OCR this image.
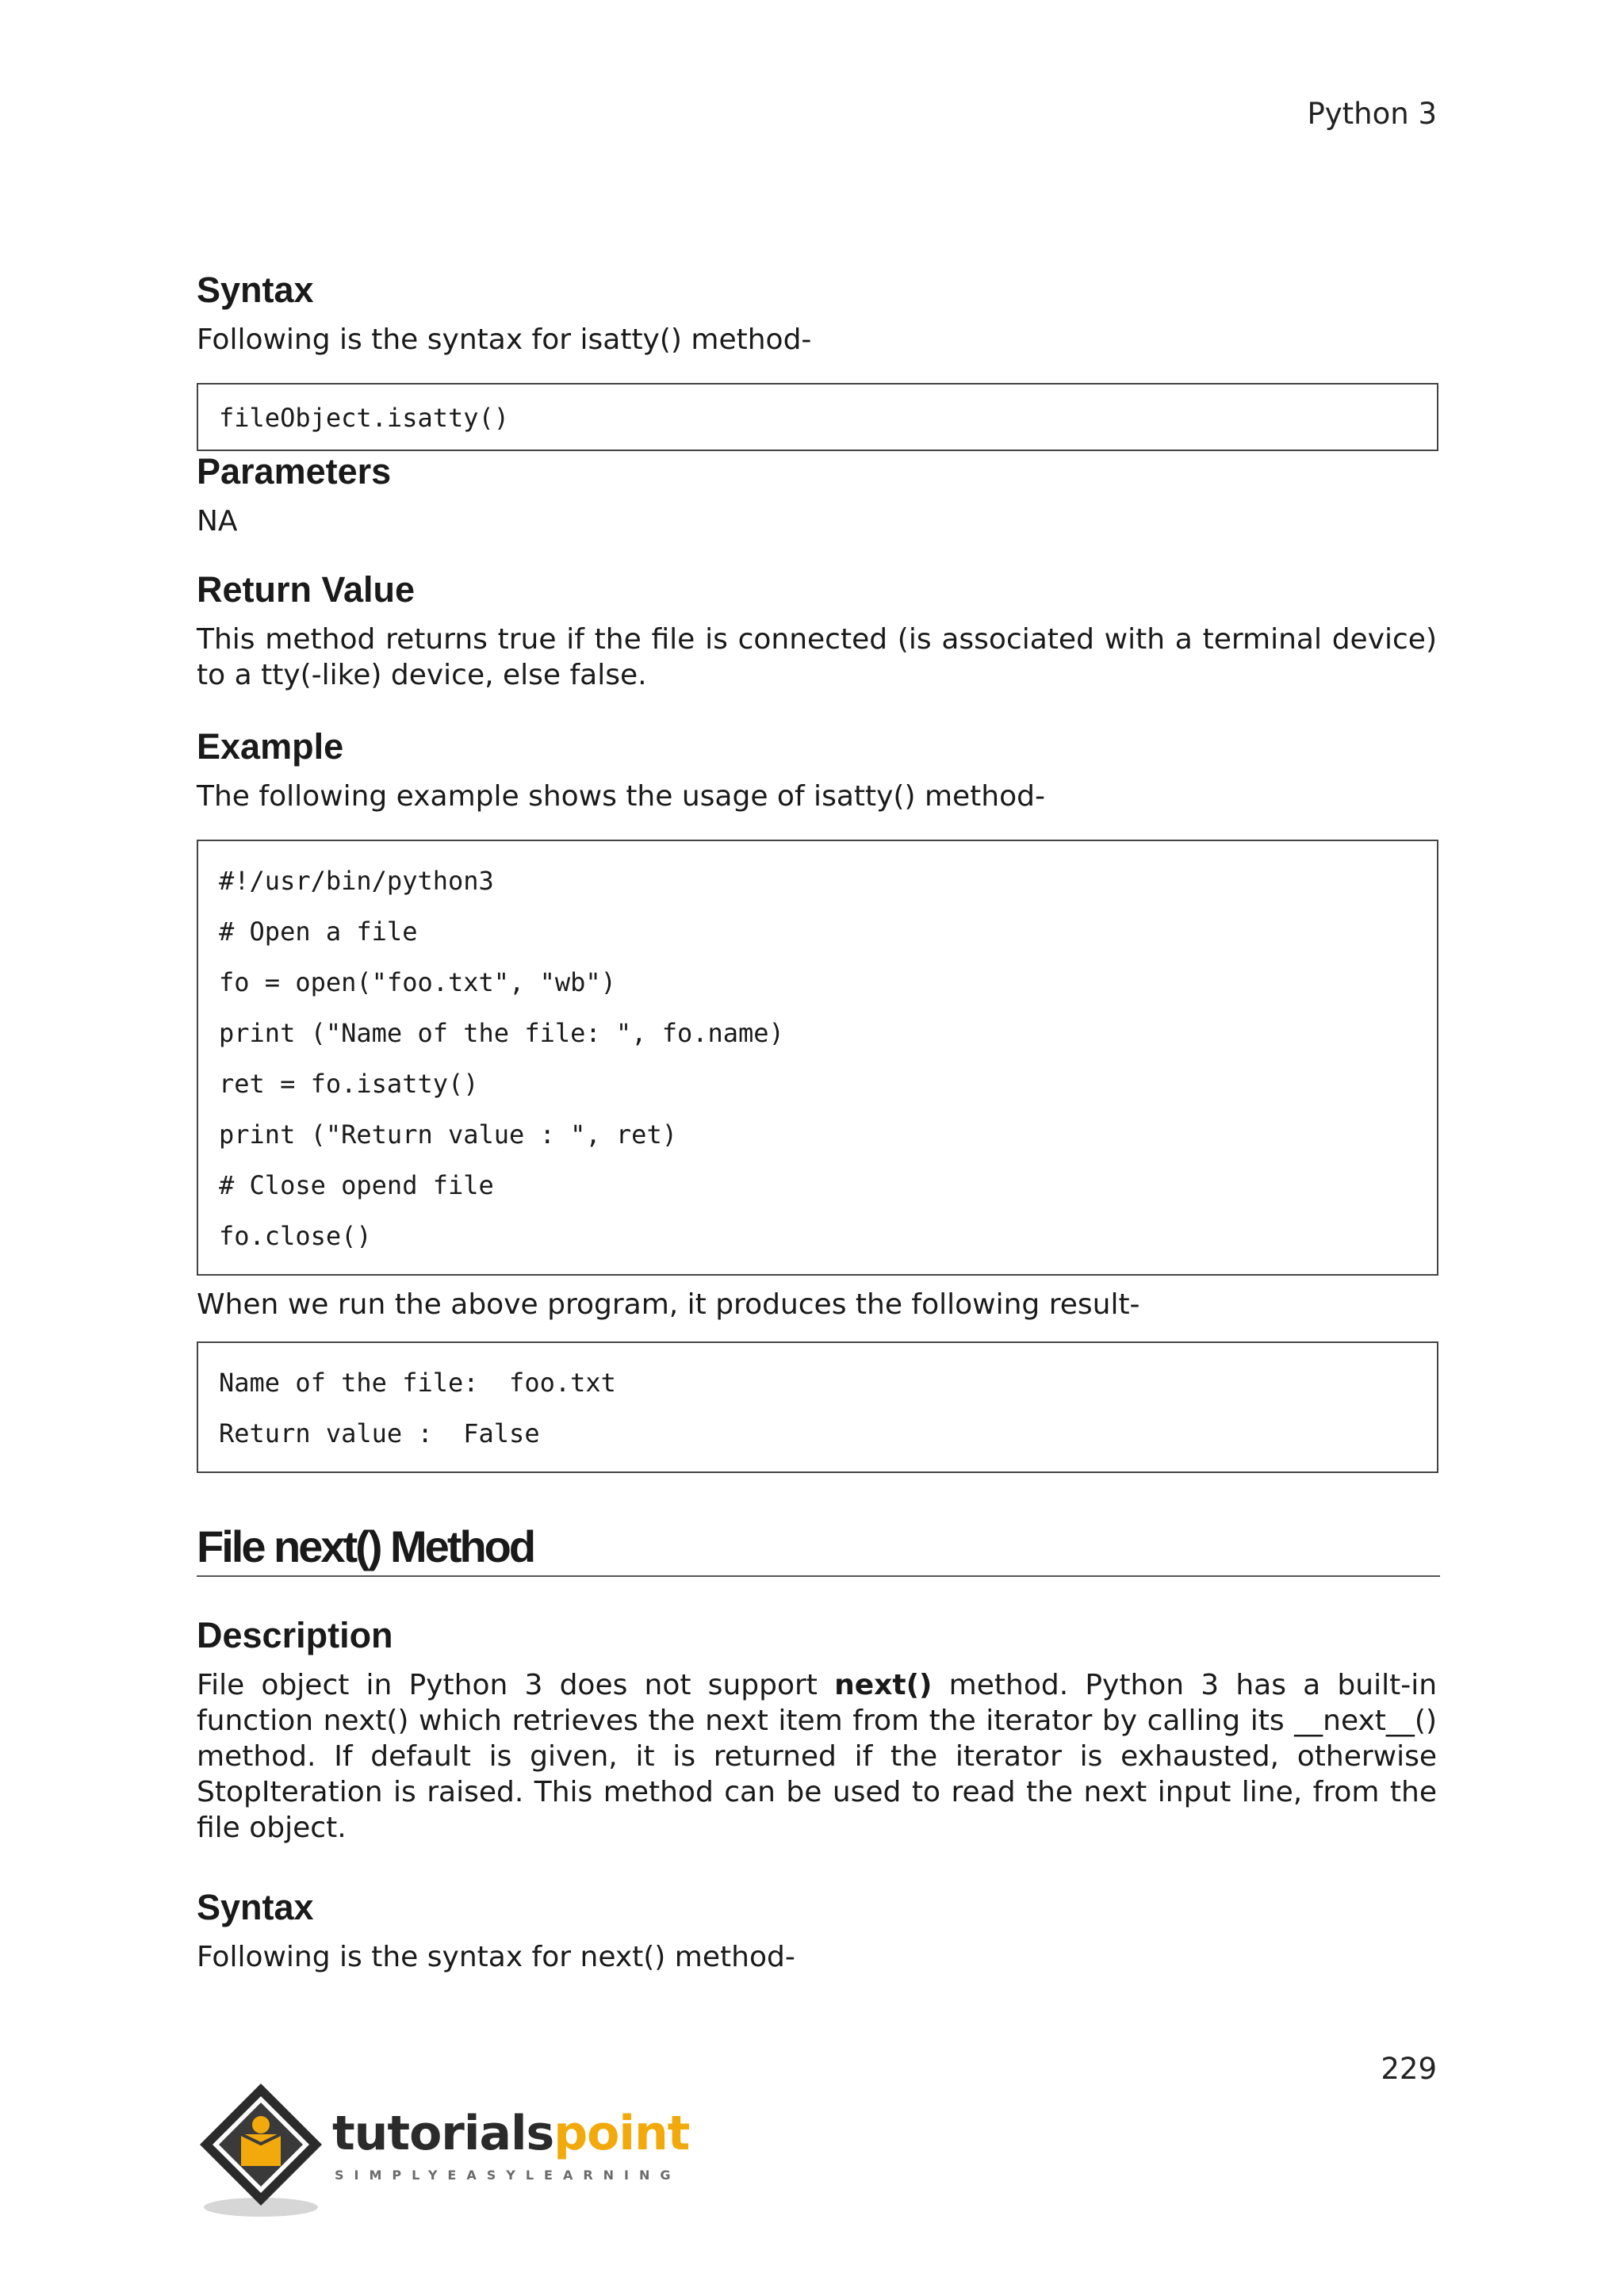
Python 3
Syntax

Following is the syntax for isatty() method-

fileObject.isatty()
Parameters

NA

Return Value

This method returns true if the file is connected (is associated with a terminal device) to a tty(-like) device, else false.

Example

The following example shows the usage of isatty() method-

#!/usr/bin/python3
# Open a file
fo = open("foo.txt", "wb")
print ("Name of the file: ", fo.name)
ret = fo.isatty()
print ("Return value : ", ret)
# Close opend file
fo.close()

When we run the above program, it produces the following result-

Name of the file:  foo.txt
Return value :  False
File next() Method
Description

File object in Python 3 does not support next() method. Python 3 has a built-in function next() which retrieves the next item from the iterator by calling its __next__() method. If default is given, it is returned if the iterator is exhausted, otherwise StopIteration is raised. This method can be used to read the next input line, from the file object.

Syntax

Following is the syntax for next() method-

229
tutorialspoint
SIMPLYEASYLEARNING
